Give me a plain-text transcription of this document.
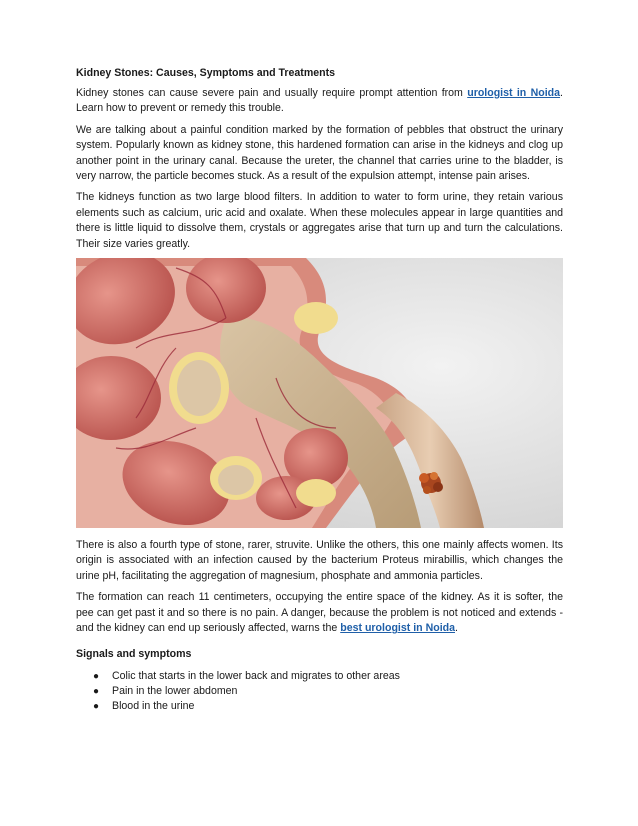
Kidney Stones: Causes, Symptoms and Treatments

Kidney stones can cause severe pain and usually require prompt attention from urologist in Noida. Learn how to prevent or remedy this trouble.

We are talking about a painful condition marked by the formation of pebbles that obstruct the urinary system. Popularly known as kidney stone, this hardened formation can arise in the kidneys and clog up another point in the urinary canal. Because the ureter, the channel that carries urine to the bladder, is very narrow, the particle becomes stuck. As a result of the expulsion attempt, intense pain arises.

The kidneys function as two large blood filters. In addition to water to form urine, they retain various elements such as calcium, uric acid and oxalate. When these molecules appear in large quantities and there is little liquid to dissolve them, crystals or aggregates arise that turn up and turn the calculations. Their size varies greatly.

There is also a fourth type of stone, rarer, struvite. Unlike the others, this one mainly affects women. Its origin is associated with an infection caused by the bacterium Proteus mirabillis, which changes the urine pH, facilitating the aggregation of magnesium, phosphate and ammonia particles.

The formation can reach 11 centimeters, occupying the entire space of the kidney. As it is softer, the pee can get past it and so there is no pain. A danger, because the problem is not noticed and extends - and the kidney can end up seriously affected, warns the best urologist in Noida.

Signals and symptoms
● Colic that starts in the lower back and migrates to other areas
● Pain in the lower abdomen
● Blood in the urine
